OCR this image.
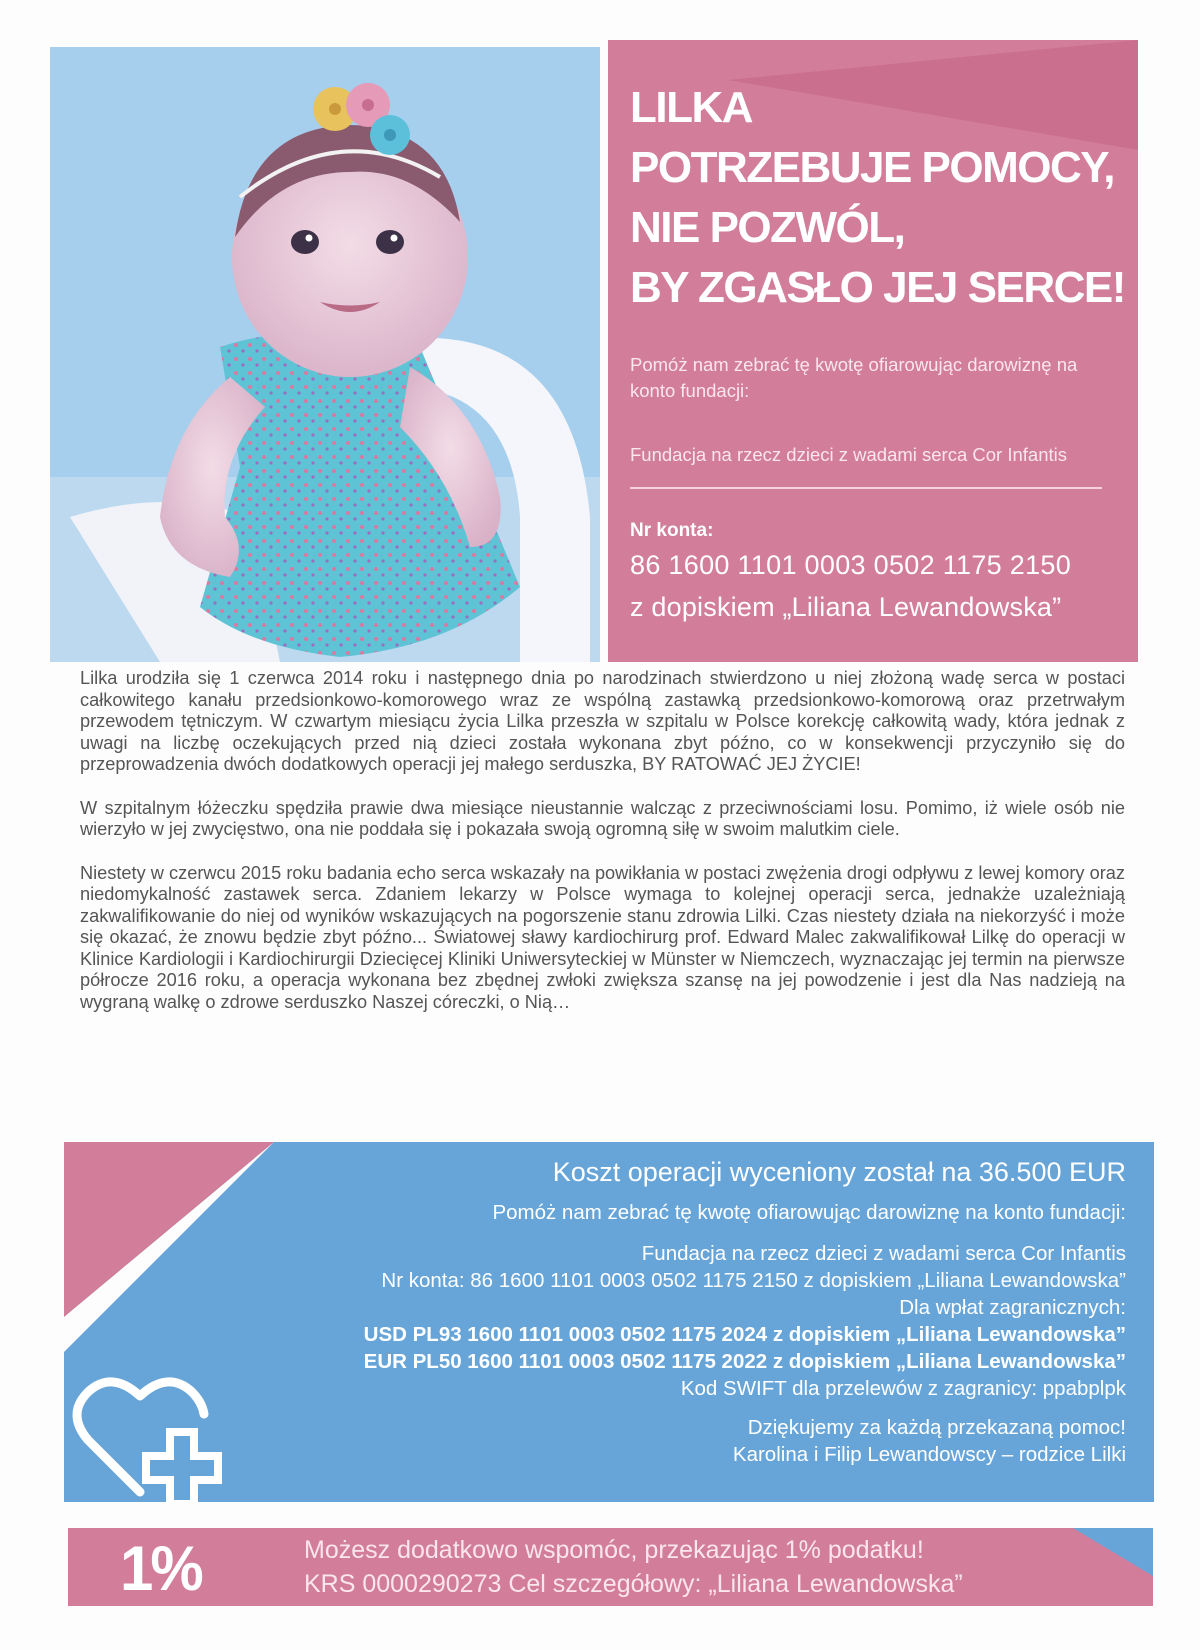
LILKA
POTRZEBUJE POMOCY,
NIE POZWÓL,
BY ZGASŁO JEJ SERCE!
Pomóż nam zebrać tę kwotę ofiarowując darowiznę na konto fundacji:
Fundacja na rzecz dzieci z wadami serca Cor Infantis
Nr konta:
86 1600 1101 0003 0502 1175 2150
z dopiskiem „Liliana Lewandowska”

Lilka urodziła się 1 czerwca 2014 roku i następnego dnia po narodzinach stwierdzono u niej złożoną wadę serca w postaci całkowitego kanału przedsionkowo-komorowego wraz ze wspólną zastawką przedsionkowo-komorową oraz przetrwałym przewodem tętniczym. W czwartym miesiącu życia Lilka przeszła w szpitalu w Polsce korekcję całkowitą wady, która jednak z uwagi na liczbę oczekujących przed nią dzieci została wykonana zbyt późno, co w konsekwencji przyczyniło się do przeprowadzenia dwóch dodatkowych operacji jej małego serduszka, BY RATOWAĆ JEJ ŻYCIE!

W szpitalnym łóżeczku spędziła prawie dwa miesiące nieustannie walcząc z przeciwnościami losu. Pomimo, iż wiele osób nie wierzyło w jej zwycięstwo, ona nie poddała się i pokazała swoją ogromną siłę w swoim malutkim ciele.

Niestety w czerwcu 2015 roku badania echo serca wskazały na powikłania w postaci zwężenia drogi odpływu z lewej komory oraz niedomykalność zastawek serca. Zdaniem lekarzy w Polsce wymaga to kolejnej operacji serca, jednakże uzależniają zakwalifikowanie do niej od wyników wskazujących na pogorszenie stanu zdrowia Lilki. Czas niestety działa na niekorzyść i może się okazać, że znowu będzie zbyt późno... Światowej sławy kardiochirurg prof. Edward Malec zakwalifikował Lilkę do operacji w Klinice Kardiologii i Kardiochirurgii Dziecięcej Kliniki Uniwersyteckiej w Münster w Niemczech, wyznaczając jej termin na pierwsze półrocze 2016 roku, a operacja wykonana bez zbędnej zwłoki zwiększa szansę na jej powodzenie i jest dla Nas nadzieją na wygraną walkę o zdrowe serduszko Naszej córeczki, o Nią…

Koszt operacji wyceniony został na 36.500 EUR
Pomóż nam zebrać tę kwotę ofiarowując darowiznę na konto fundacji:
Fundacja na rzecz dzieci z wadami serca Cor Infantis
Nr konta: 86 1600 1101 0003 0502 1175 2150 z dopiskiem „Liliana Lewandowska”
Dla wpłat zagranicznych:
USD PL93 1600 1101 0003 0502 1175 2024 z dopiskiem „Liliana Lewandowska”
EUR PL50 1600 1101 0003 0502 1175 2022 z dopiskiem „Liliana Lewandowska”
Kod SWIFT dla przelewów z zagranicy: ppabplpk
Dziękujemy za każdą przekazaną pomoc!
Karolina i Filip Lewandowscy – rodzice Lilki
1%	Możesz dodatkowo wspomóc, przekazując 1% podatku!
KRS 0000290273 Cel szczegółowy: „Liliana Lewandowska”
